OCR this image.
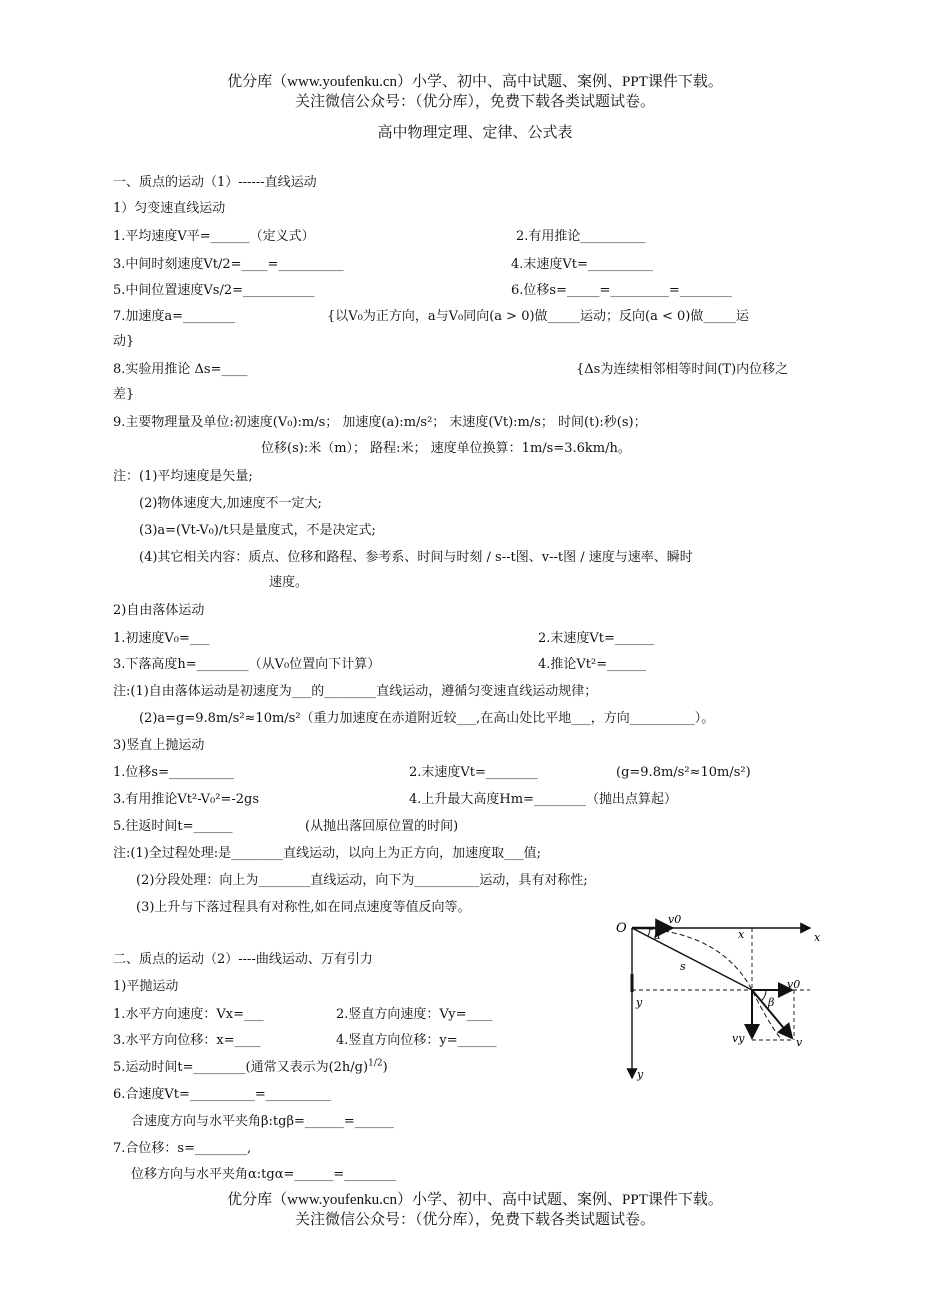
优分库（www.youfenku.cn）小学、初中、高中试题、案例、PPT课件下载。
关注微信公众号：（优分库），免费下载各类试题试卷。
高中物理定理、定律、公式表
一、质点的运动（1）------直线运动
1）匀变速直线运动
1.平均速度V平=______（定义式）	2.有用推论__________
3.中间时刻速度Vt/2=____=__________	4.末速度Vt=__________
5.中间位置速度Vs/2=___________	6.位移s=_____=_________=________
7.加速度a=________	{以V₀为正方向，a与V₀同向(a > 0)做_____运动；反向(a < 0)做_____运
动}
8.实验用推论 Δs=____	{Δs为连续相邻相等时间(T)内位移之
差}
9.主要物理量及单位:初速度(V₀):m/s； 加速度(a):m/s²； 末速度(Vt):m/s； 时间(t):秒(s)；
位移(s):米（m）； 路程:米； 速度单位换算：1m/s=3.6km/h。
注：(1)平均速度是矢量;
(2)物体速度大,加速度不一定大;
(3)a=(Vt-V₀)/t只是量度式，不是决定式;
(4)其它相关内容：质点、位移和路程、参考系、时间与时刻 / s--t图、v--t图 / 速度与速率、瞬时
速度。
2)自由落体运动
1.初速度V₀=___	2.末速度Vt=______
3.下落高度h=________（从V₀位置向下计算）	4.推论Vt²=______
注:(1)自由落体运动是初速度为___的________直线运动，遵循匀变速直线运动规律；
(2)a=g=9.8m/s²≈10m/s²（重力加速度在赤道附近较___,在高山处比平地___，方向__________）。
3)竖直上抛运动
1.位移s=__________	2.末速度Vt=________	(g=9.8m/s²≈10m/s²)
3.有用推论Vt²-V₀²=-2gs	4.上升最大高度Hm=________（抛出点算起）
5.往返时间t=______	(从抛出落回原位置的时间)
注:(1)全过程处理:是________直线运动，以向上为正方向，加速度取___值;
(2)分段处理：向上为________直线运动，向下为__________运动，具有对称性;
(3)上升与下落过程具有对称性,如在同点速度等值反向等。
二、质点的运动（2）----曲线运动、万有引力
1)平抛运动
1.水平方向速度：Vx=___	2.竖直方向速度：Vy=____
3.水平方向位移：x=____	4.竖直方向位移：y=______
5.运动时间t=________(通常又表示为$(2h/g)^{1/2}$)
6.合速度Vt=__________=__________
合速度方向与水平夹角β:tgβ=______=______
7.合位移：s=________,
位移方向与水平夹角α:tgα=______=________
O
v0
a	x	x
s
y	β
v0
vy	v
y
优分库（www.youfenku.cn）小学、初中、高中试题、案例、PPT课件下载。
关注微信公众号：（优分库），免费下载各类试题试卷。
